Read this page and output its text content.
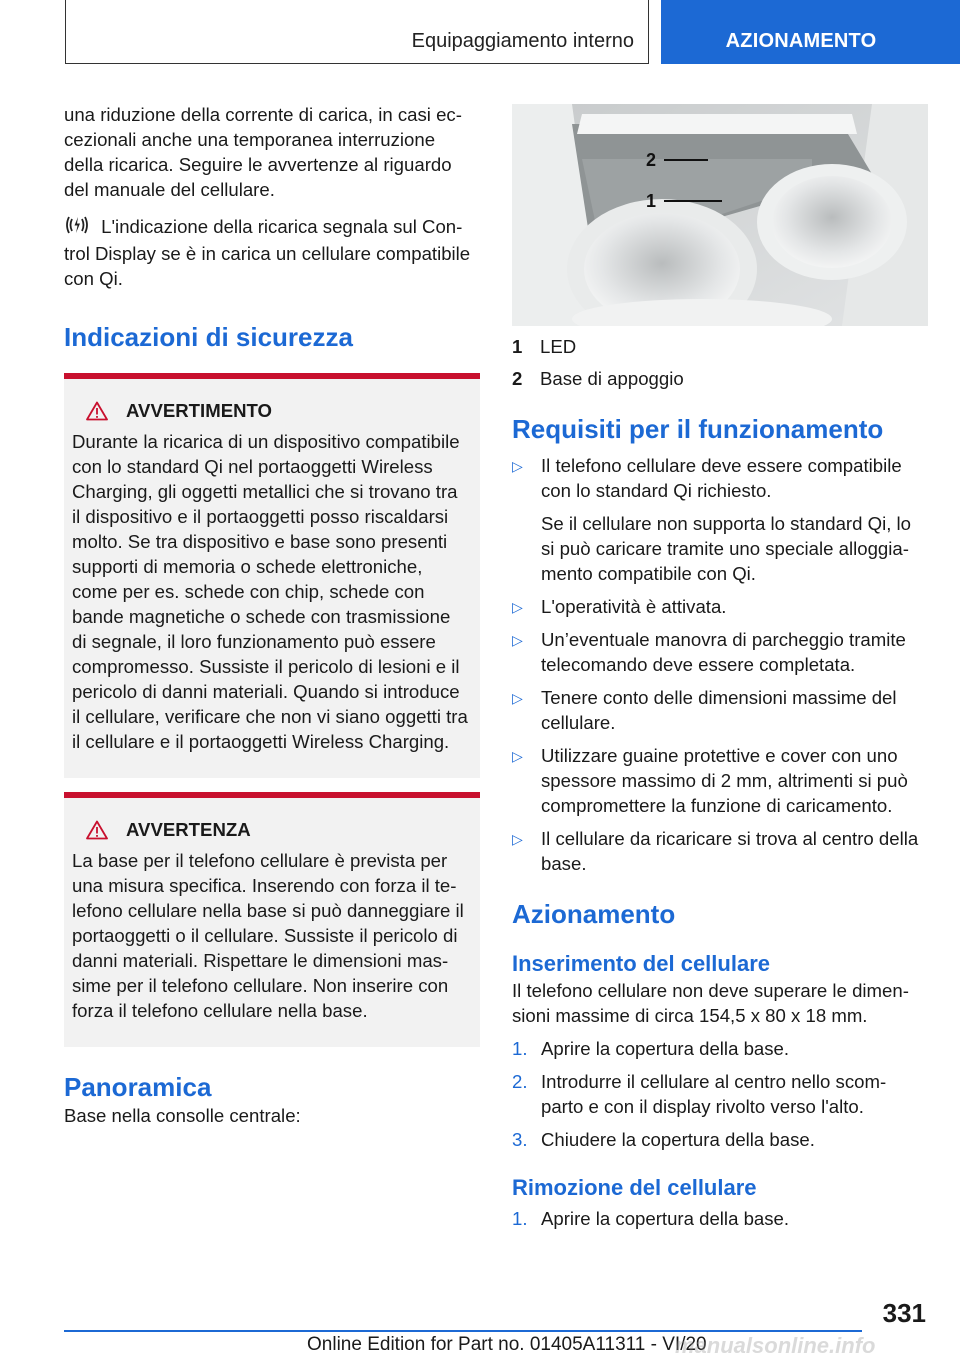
Equipaggiamento interno	AZIONAMENTO

una riduzione della corrente di carica, in casi ec-
cezionali anche una temporanea interruzione
della ricarica. Seguire le avvertenze al riguardo
del manuale del cellulare.

L'indicazione della ricarica segnala sul Con-
trol Display se è in carica un cellulare compatibile
con Qi.

Indicazioni di sicurezza
AVVERTIMENTO

Durante la ricarica di un dispositivo compatibile
con lo standard Qi nel portaoggetti Wireless
Charging, gli oggetti metallici che si trovano tra
il dispositivo e il portaoggetti posso riscaldarsi
molto. Se tra dispositivo e base sono presenti
supporti di memoria o schede elettroniche,
come per es. schede con chip, schede con
bande magnetiche o schede con trasmissione
di segnale, il loro funzionamento può essere
compromesso. Sussiste il pericolo di lesioni e il
pericolo di danni materiali. Quando si introduce
il cellulare, verificare che non vi siano oggetti tra
il cellulare e il portaoggetti Wireless Charging.

AVVERTENZA

La base per il telefono cellulare è prevista per
una misura specifica. Inserendo con forza il te-
lefono cellulare nella base si può danneggiare il
portaoggetti o il cellulare. Sussiste il pericolo di
danni materiali. Rispettare le dimensioni mas-
sime per il telefono cellulare. Non inserire con
forza il telefono cellulare nella base.

Panoramica

Base nella consolle centrale:

2
1
1 LED
2 Base di appoggio
Requisiti per il funzionamento
▷ Il telefono cellulare deve essere compatibile
con lo standard Qi richiesto.
Se il cellulare non supporta lo standard Qi, lo
si può caricare tramite uno speciale alloggia-
mento compatibile con Qi.
▷ L'operatività è attivata.
▷ Un’eventuale manovra di parcheggio tramite
telecomando deve essere completata.
▷ Tenere conto delle dimensioni massime del
cellulare.
▷ Utilizzare guaine protettive e cover con uno
spessore massimo di 2 mm, altrimenti si può
compromettere la funzione di caricamento.
▷ Il cellulare da ricaricare si trova al centro della
base.
Azionamento
Inserimento del cellulare

Il telefono cellulare non deve superare le dimen-
sioni massime di circa 154,5 x 80 x 18 mm.

1. Aprire la copertura della base.
2. Introdurre il cellulare al centro nello scom-
parto e con il display rivolto verso l'alto.
3. Chiudere la copertura della base.
Rimozione del cellulare
1. Aprire la copertura della base.
331
Online Edition for Part no. 01405A11311 - VI/20
manualsonline.info
